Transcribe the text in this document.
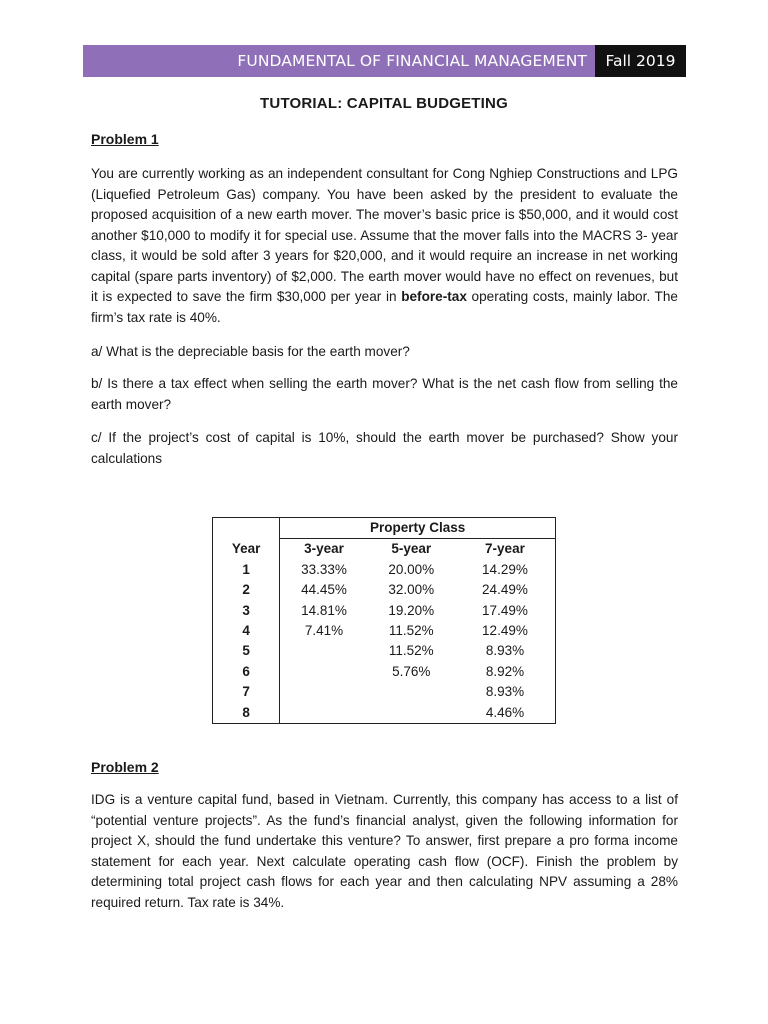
FUNDAMENTAL OF FINANCIAL MANAGEMENT	Fall 2019
TUTORIAL: CAPITAL BUDGETING
Problem 1

You are currently working as an independent consultant for Cong Nghiep Constructions and LPG (Liquefied Petroleum Gas) company. You have been asked by the president to evaluate the proposed acquisition of a new earth mover. The mover’s basic price is $50,000, and it would cost another $10,000 to modify it for special use. Assume that the mover falls into the MACRS 3- year class, it would be sold after 3 years for $20,000, and it would require an increase in net working capital (spare parts inventory) of $2,000. The earth mover would have no effect on revenues, but it is expected to save the firm $30,000 per year in before-tax operating costs, mainly labor. The firm’s tax rate is 40%.

a/ What is the depreciable basis for the earth mover?

b/ Is there a tax effect when selling the earth mover? What is the net cash flow from selling the earth mover?

c/ If the project’s cost of capital is 10%, should the earth mover be purchased? Show your calculations

	Property Class		
Year	3-year	5-year	7-year
1	33.33%	20.00%	14.29%
2	44.45%	32.00%	24.49%
3	14.81%	19.20%	17.49%
4	7.41%	11.52%	12.49%
5		11.52%	8.93%
6		5.76%	8.92%
7			8.93%
8			4.46%
Problem 2

IDG is a venture capital fund, based in Vietnam. Currently, this company has access to a list of “potential venture projects”. As the fund’s financial analyst, given the following information for project X, should the fund undertake this venture? To answer, first prepare a pro forma income statement for each year. Next calculate operating cash flow (OCF). Finish the problem by determining total project cash flows for each year and then calculating NPV assuming a 28% required return. Tax rate is 34%.
